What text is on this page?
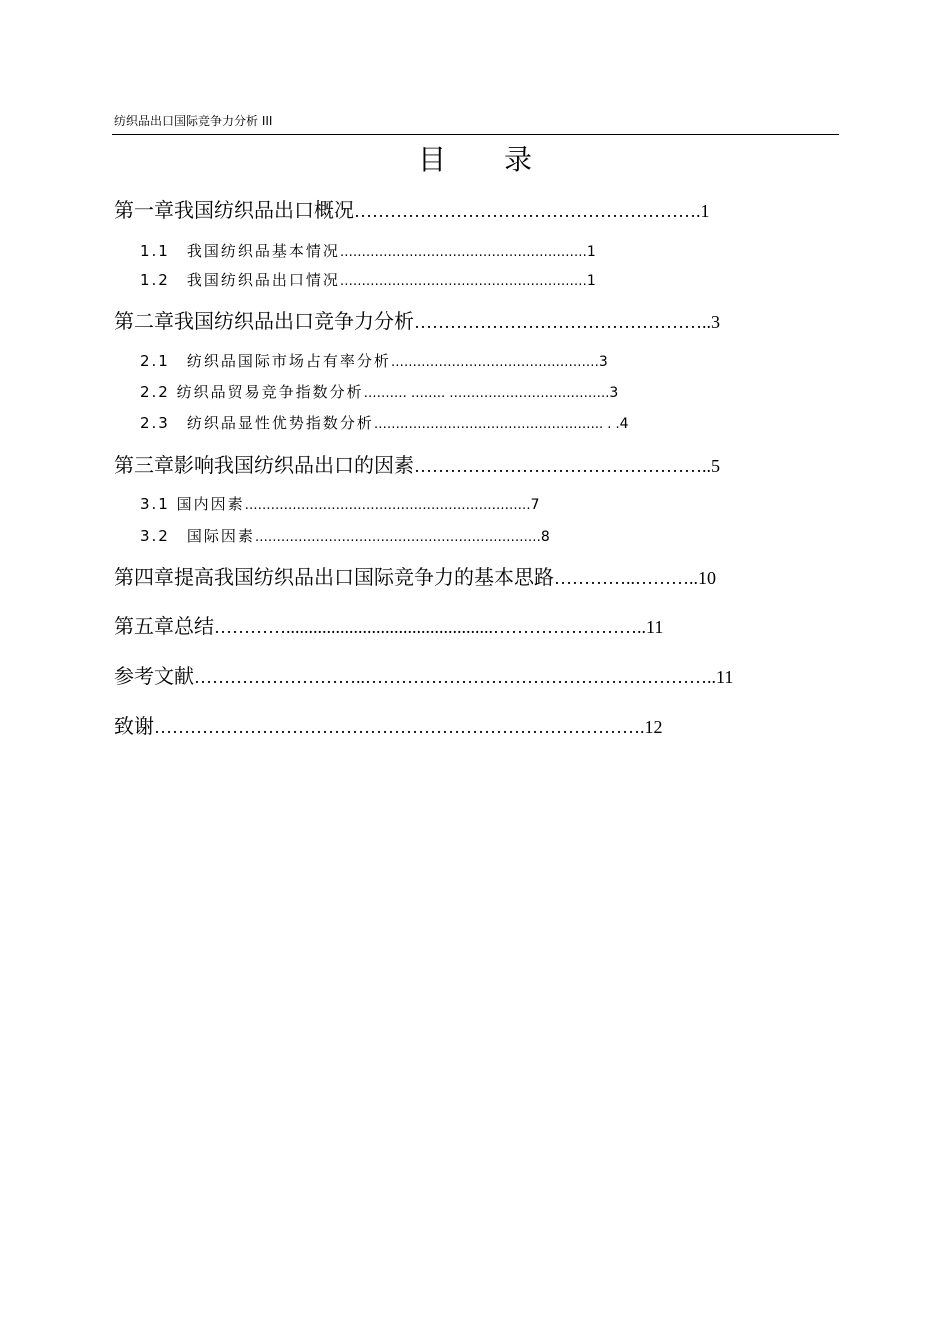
纺织品出口国际竞争力分析 III
目 录
第一章我国纺织品出口概况 …………………………………………………. 1
1.1　我国纺织品基本情况 ………………………………………………… 1
1.2　我国纺织品出口情况 ………………………………………………… 1
第二章我国纺织品出口竞争力分析 ………………………………………….. 3
2.1　纺织品国际市场占有率分析 ………………………………………… 3
2.2 纺织品贸易竞争指数分析 ………. …….. ………………………………. 3
2.3　纺织品显性优势指数分析 …………………………………………….. . . 4
第三章影响我国纺织品出口的因素 ………………………………………….. 5
3.1 国内因素 ………………………………………………………… 7
3.2　国际因素 ………………………………………………………… 8
第四章提高我国纺织品出口国际竞争力的基本思路 …………..……….. 10
第五章总结 …………..............................................…………………….. 11
参考文献 ………………………..………………………………………………….. 11
致谢 ………………………………………………………………………. 12
